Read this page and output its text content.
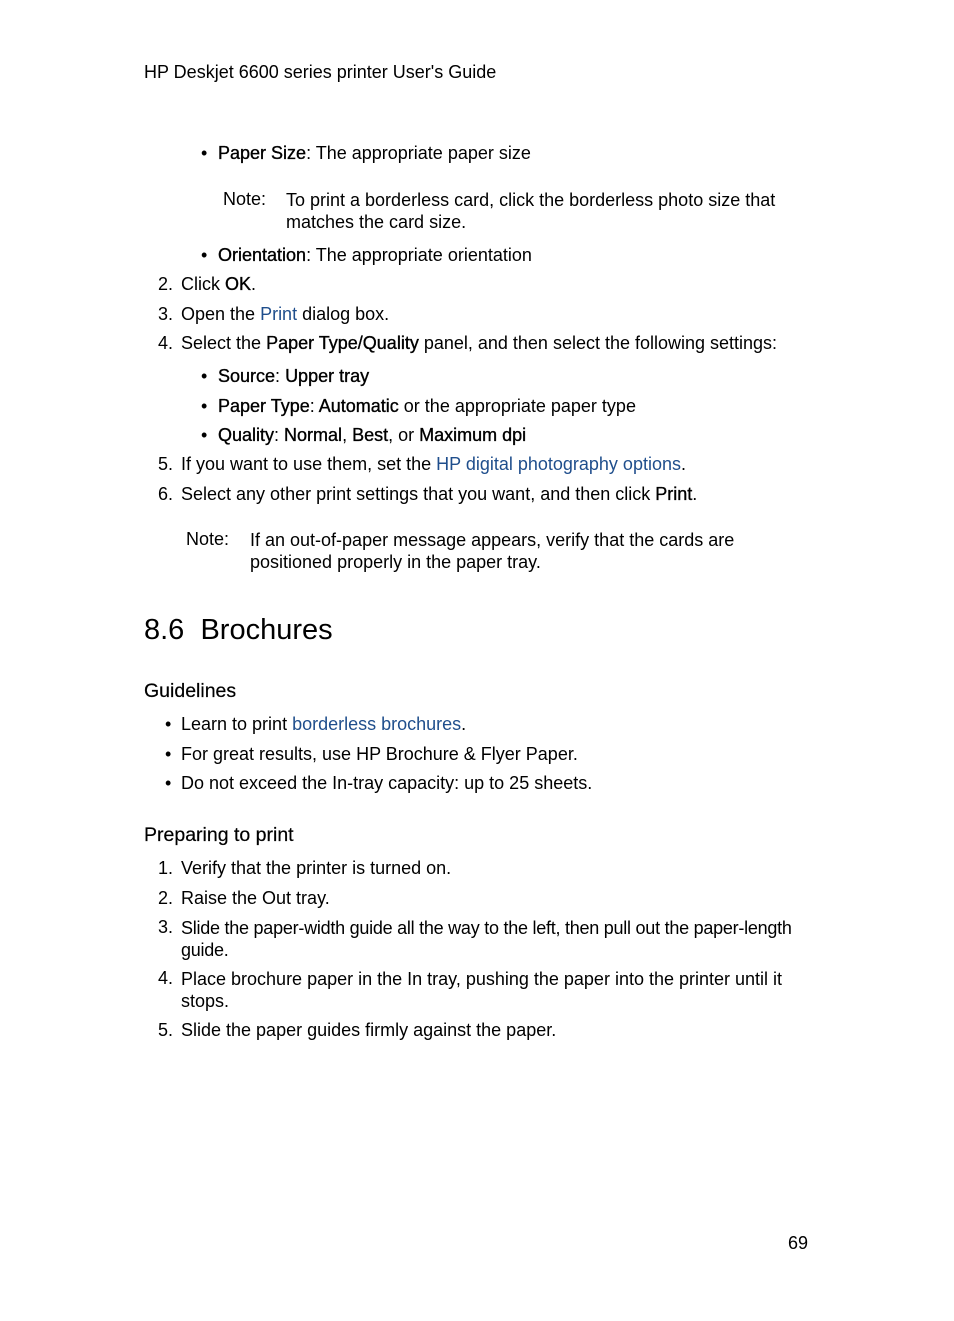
HP Deskjet 6600 series printer User's Guide
• Paper Size: The appropriate paper size
Note: To print a borderless card, click the borderless photo size that matches the card size.
• Orientation: The appropriate orientation
2. Click OK.
3. Open the Print dialog box.
4. Select the Paper Type/Quality panel, and then select the following settings:
• Source: Upper tray
• Paper Type: Automatic or the appropriate paper type
• Quality: Normal, Best, or Maximum dpi
5. If you want to use them, set the HP digital photography options.
6. Select any other print settings that you want, and then click Print.
Note: If an out-of-paper message appears, verify that the cards are positioned properly in the paper tray.
8.6 Brochures
Guidelines
• Learn to print borderless brochures.
• For great results, use HP Brochure & Flyer Paper.
• Do not exceed the In-tray capacity: up to 25 sheets.
Preparing to print
1. Verify that the printer is turned on.
2. Raise the Out tray.
3. Slide the paper-width guide all the way to the left, then pull out the paper-length guide.
4. Place brochure paper in the In tray, pushing the paper into the printer until it stops.
5. Slide the paper guides firmly against the paper.
69
